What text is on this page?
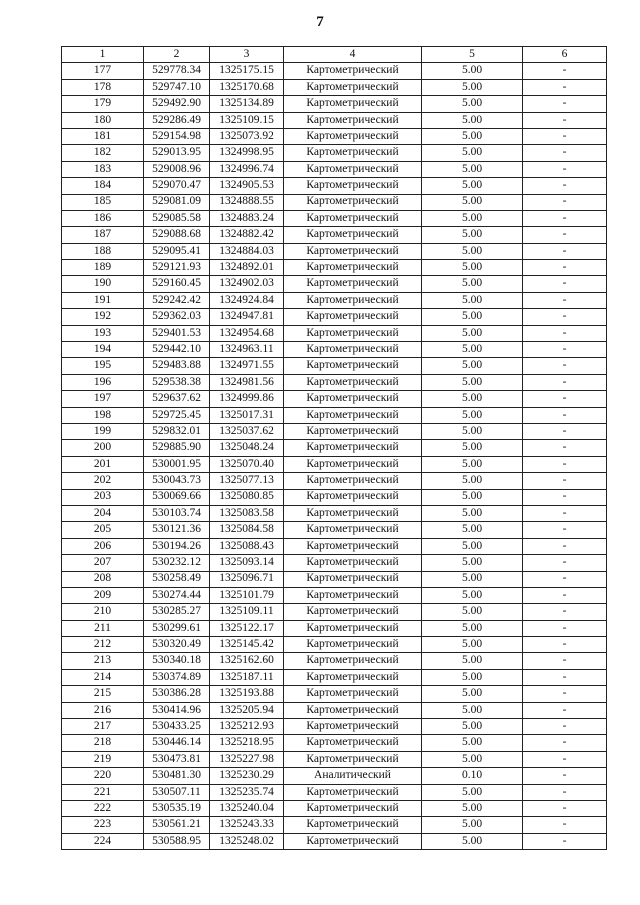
7
1	2	3	4	5	6
177	529778.34	1325175.15	Картометрический	5.00	-
178	529747.10	1325170.68	Картометрический	5.00	-
179	529492.90	1325134.89	Картометрический	5.00	-
180	529286.49	1325109.15	Картометрический	5.00	-
181	529154.98	1325073.92	Картометрический	5.00	-
182	529013.95	1324998.95	Картометрический	5.00	-
183	529008.96	1324996.74	Картометрический	5.00	-
184	529070.47	1324905.53	Картометрический	5.00	-
185	529081.09	1324888.55	Картометрический	5.00	-
186	529085.58	1324883.24	Картометрический	5.00	-
187	529088.68	1324882.42	Картометрический	5.00	-
188	529095.41	1324884.03	Картометрический	5.00	-
189	529121.93	1324892.01	Картометрический	5.00	-
190	529160.45	1324902.03	Картометрический	5.00	-
191	529242.42	1324924.84	Картометрический	5.00	-
192	529362.03	1324947.81	Картометрический	5.00	-
193	529401.53	1324954.68	Картометрический	5.00	-
194	529442.10	1324963.11	Картометрический	5.00	-
195	529483.88	1324971.55	Картометрический	5.00	-
196	529538.38	1324981.56	Картометрический	5.00	-
197	529637.62	1324999.86	Картометрический	5.00	-
198	529725.45	1325017.31	Картометрический	5.00	-
199	529832.01	1325037.62	Картометрический	5.00	-
200	529885.90	1325048.24	Картометрический	5.00	-
201	530001.95	1325070.40	Картометрический	5.00	-
202	530043.73	1325077.13	Картометрический	5.00	-
203	530069.66	1325080.85	Картометрический	5.00	-
204	530103.74	1325083.58	Картометрический	5.00	-
205	530121.36	1325084.58	Картометрический	5.00	-
206	530194.26	1325088.43	Картометрический	5.00	-
207	530232.12	1325093.14	Картометрический	5.00	-
208	530258.49	1325096.71	Картометрический	5.00	-
209	530274.44	1325101.79	Картометрический	5.00	-
210	530285.27	1325109.11	Картометрический	5.00	-
211	530299.61	1325122.17	Картометрический	5.00	-
212	530320.49	1325145.42	Картометрический	5.00	-
213	530340.18	1325162.60	Картометрический	5.00	-
214	530374.89	1325187.11	Картометрический	5.00	-
215	530386.28	1325193.88	Картометрический	5.00	-
216	530414.96	1325205.94	Картометрический	5.00	-
217	530433.25	1325212.93	Картометрический	5.00	-
218	530446.14	1325218.95	Картометрический	5.00	-
219	530473.81	1325227.98	Картометрический	5.00	-
220	530481.30	1325230.29	Аналитический	0.10	-
221	530507.11	1325235.74	Картометрический	5.00	-
222	530535.19	1325240.04	Картометрический	5.00	-
223	530561.21	1325243.33	Картометрический	5.00	-
224	530588.95	1325248.02	Картометрический	5.00	-
